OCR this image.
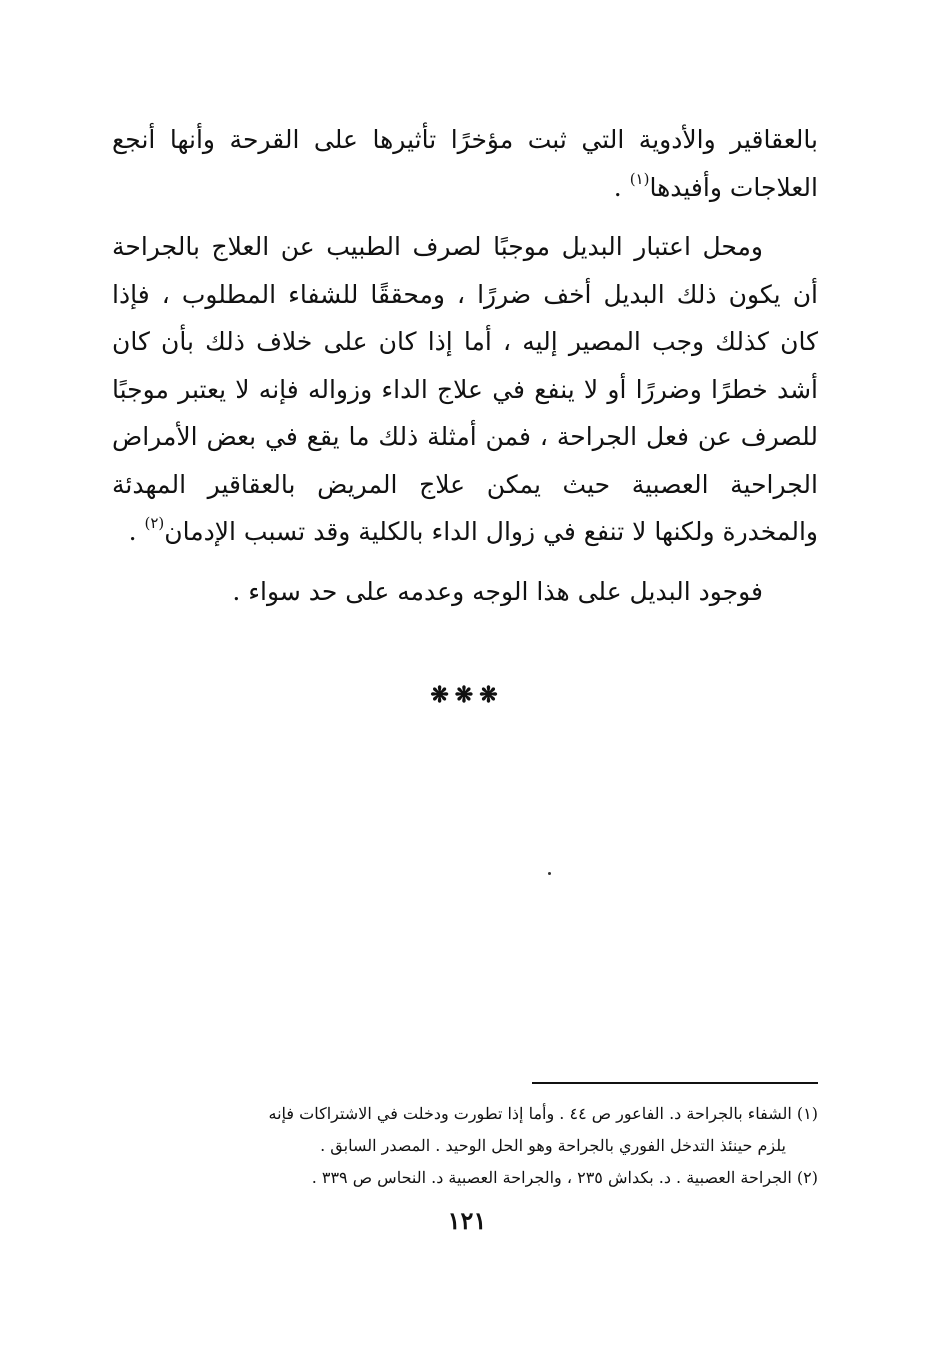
بالعقاقير والأدوية التي ثبت مؤخرًا تأثيرها على القرحة وأنها أنجع العلاجات وأفيدها$^{(١)}$ .

ومحل اعتبار البديل موجبًا لصرف الطبيب عن العلاج بالجراحة أن يكون ذلك البديل أخف ضررًا ، ومحققًا للشفاء المطلوب ، فإذا كان كذلك وجب المصير إليه ، أما إذا كان على خلاف ذلك بأن كان أشد خطرًا وضررًا أو لا ينفع في علاج الداء وزواله فإنه لا يعتبر موجبًا للصرف عن فعل الجراحة ، فمن أمثلة ذلك ما يقع في بعض الأمراض الجراحية العصبية حيث يمكن علاج المريض بالعقاقير المهدئة والمخدرة ولكنها لا تنفع في زوال الداء بالكلية وقد تسبب الإدمان$^{(٢)}$ .

فوجود البديل على هذا الوجه وعدمه على حد سواء .

❋❋❋

(١) الشفاء بالجراحة د. الفاعور ص ٤٤ . وأما إذا تطورت ودخلت في الاشتراكات فإنه
يلزم حينئذ التدخل الفوري بالجراحة وهو الحل الوحيد . المصدر السابق .

(٢) الجراحة العصبية . د. بكداش ٢٣٥ ، والجراحة العصبية د. النحاس ص ٣٣٩ .

١٢١
